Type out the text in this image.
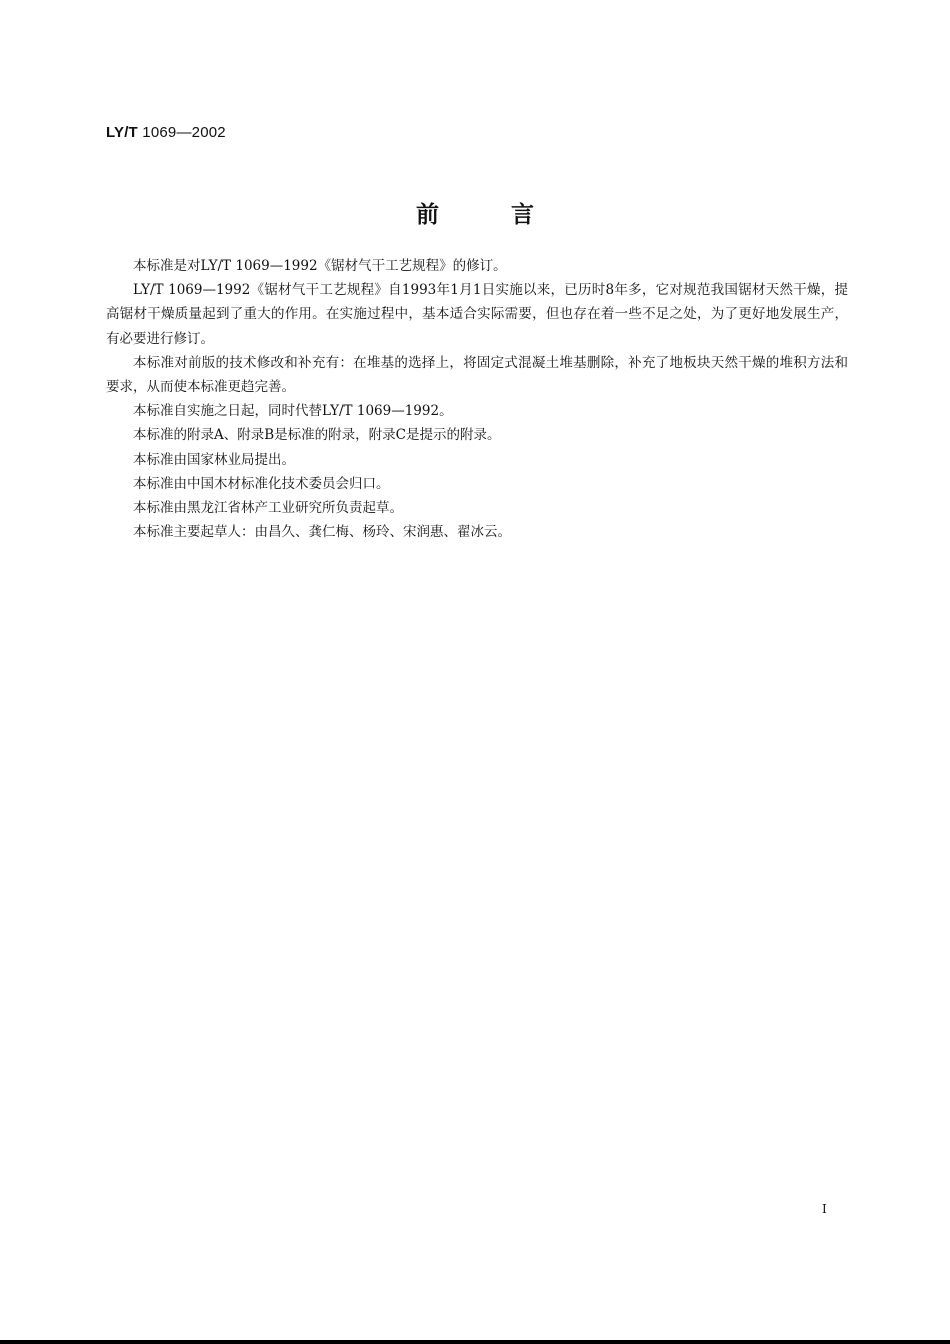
LY/T 1069—2002
前	言

本标准是对LY/T 1069—1992《锯材气干工艺规程》的修订。

LY/T 1069—1992《锯材气干工艺规程》自1993年1月1日实施以来，已历时8年多，它对规范我国锯材天然干燥，提高锯材干燥质量起到了重大的作用。在实施过程中，基本适合实际需要，但也存在着一些不足之处，为了更好地发展生产，有必要进行修订。

本标准对前版的技术修改和补充有：在堆基的选择上，将固定式混凝土堆基删除，补充了地板块天然干燥的堆积方法和要求，从而使本标准更趋完善。

本标准自实施之日起，同时代替LY/T 1069—1992。

本标准的附录A、附录B是标准的附录，附录C是提示的附录。

本标准由国家林业局提出。

本标准由中国木材标准化技术委员会归口。

本标准由黑龙江省林产工业研究所负责起草。

本标准主要起草人：由昌久、龚仁梅、杨玲、宋润惠、翟冰云。

I
